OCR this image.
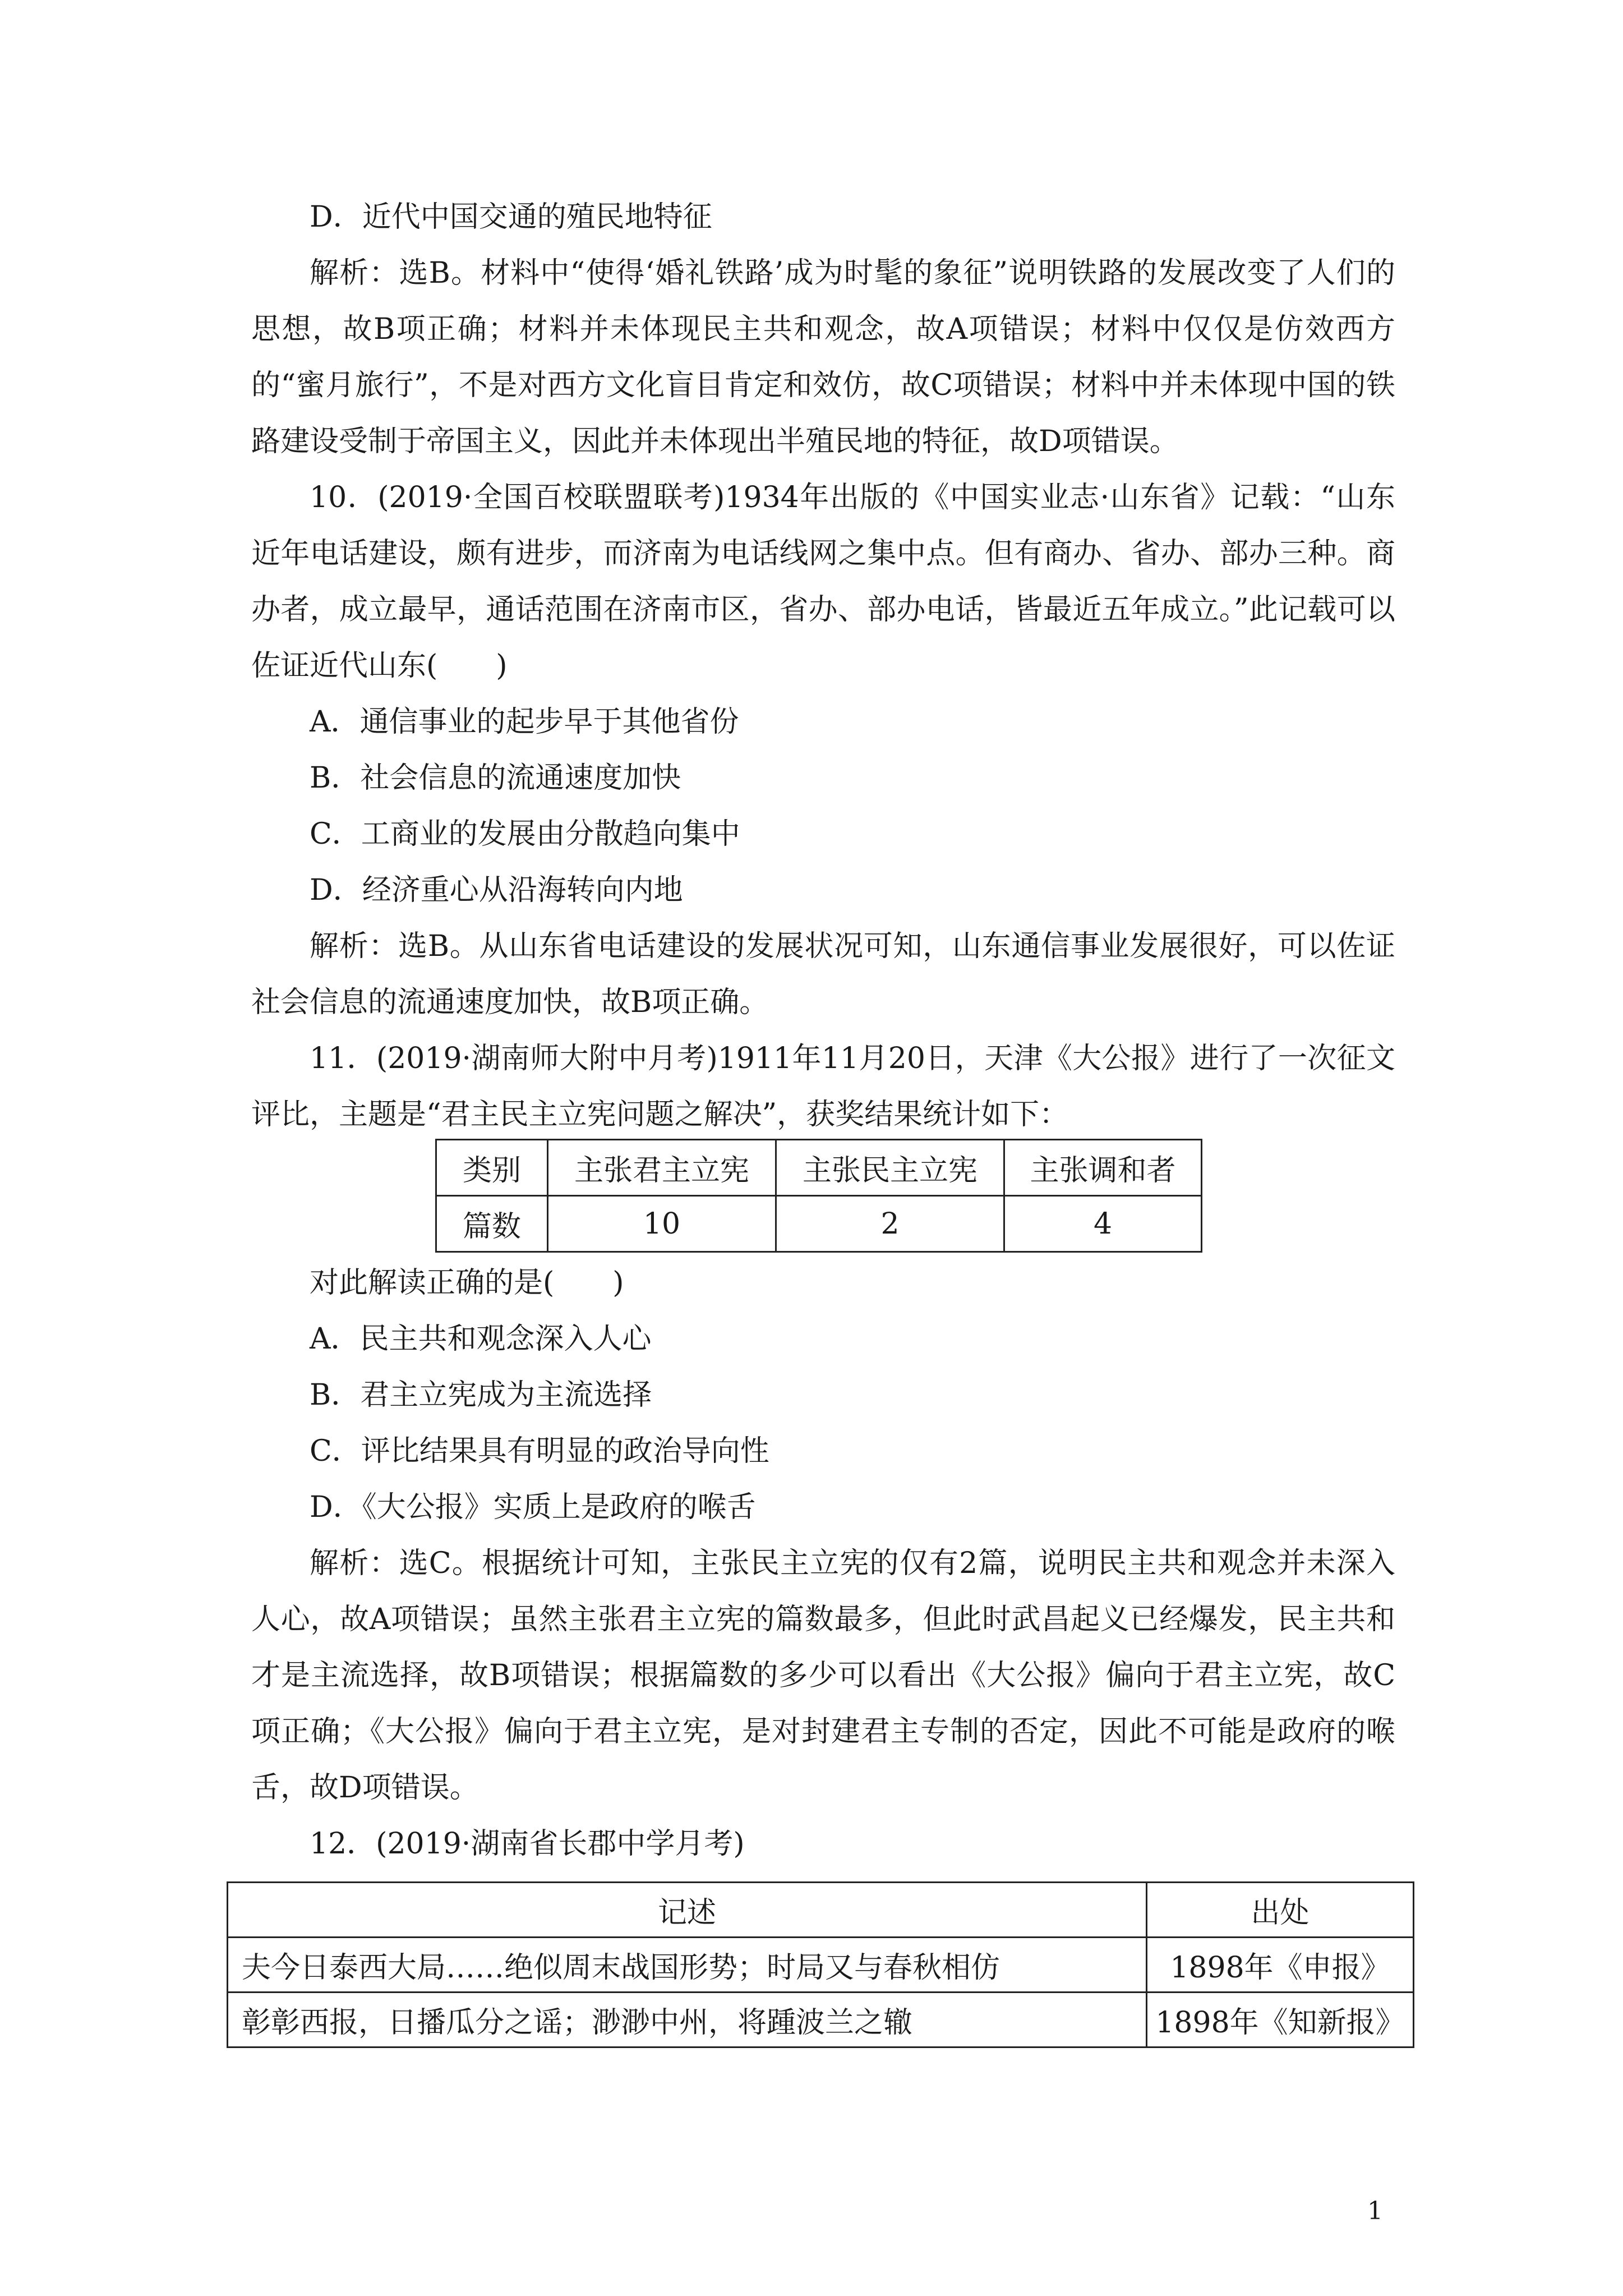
D．近代中国交通的殖民地特征

解析：选B。材料中“使得‘婚礼铁路’成为时髦的象征”说明铁路的发展改变了人们的思想，故B项正确；材料并未体现民主共和观念，故A项错误；材料中仅仅是仿效西方的“蜜月旅行”，不是对西方文化盲目肯定和效仿，故C项错误；材料中并未体现中国的铁路建设受制于帝国主义，因此并未体现出半殖民地的特征，故D项错误。

10．(2019·全国百校联盟联考)1934年出版的《中国实业志·山东省》记载：“山东近年电话建设，颇有进步，而济南为电话线网之集中点。但有商办、省办、部办三种。商办者，成立最早，通话范围在济南市区，省办、部办电话，皆最近五年成立。”此记载可以佐证近代山东(　　)

A．通信事业的起步早于其他省份

B．社会信息的流通速度加快

C．工商业的发展由分散趋向集中

D．经济重心从沿海转向内地

解析：选B。从山东省电话建设的发展状况可知，山东通信事业发展很好，可以佐证社会信息的流通速度加快，故B项正确。

11．(2019·湖南师大附中月考)1911年11月20日，天津《大公报》进行了一次征文评比，主题是“君主民主立宪问题之解决”，获奖结果统计如下：

类别	主张君主立宪	主张民主立宪	主张调和者
篇数	10	2	4

对此解读正确的是(　　)

A．民主共和观念深入人心

B．君主立宪成为主流选择

C．评比结果具有明显的政治导向性

D．《大公报》实质上是政府的喉舌

解析：选C。根据统计可知，主张民主立宪的仅有2篇，说明民主共和观念并未深入人心，故A项错误；虽然主张君主立宪的篇数最多，但此时武昌起义已经爆发，民主共和才是主流选择，故B项错误；根据篇数的多少可以看出《大公报》偏向于君主立宪，故C项正确；《大公报》偏向于君主立宪，是对封建君主专制的否定，因此不可能是政府的喉舌，故D项错误。

12．(2019·湖南省长郡中学月考)

记述	出处
夫今日泰西大局……绝似周末战国形势；时局又与春秋相仿	1898年《申报》
彰彰西报，日播瓜分之谣；渺渺中州，将踵波兰之辙	1898年《知新报》
1
